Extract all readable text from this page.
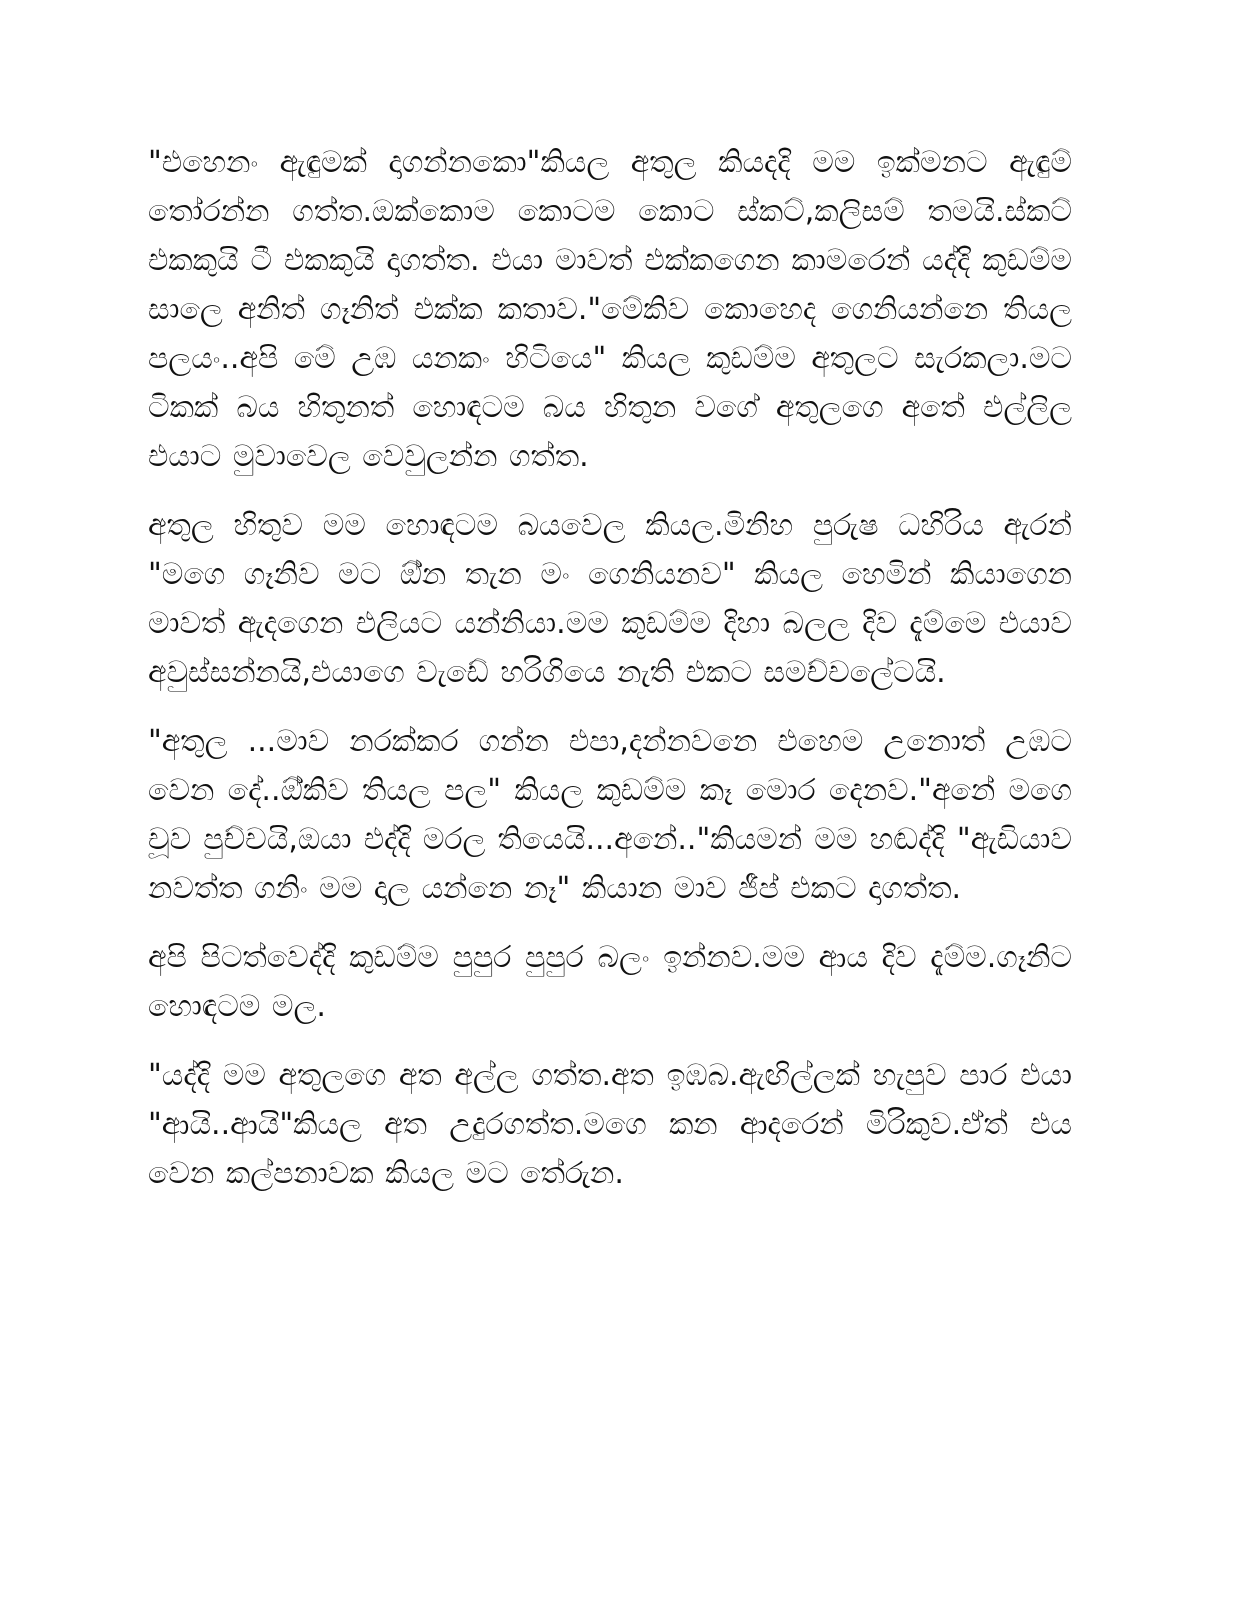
"එහෙනං ඇඳුමක් දාගන්නකො"කියල අතුල කියදදි මම ඉක්මනට ඇඳුම් තෝරන්න ගත්ත.ඔක්කොම කොටම කොට ස්කට්,කලිසම් තමයි.ස්කට් එකකුයි ටී එකකුයි දාගත්ත. එයා මාවත් එක්කගෙන කාමරෙන් යද්දි කුඩම්ම සාලෙ අනිත් ගෑනිත් එක්ක කතාව."මේකිව කොහෙද ගෙනියන්නෙ තියල පලයං..අපි මේ උඹ යනකං හිටියෙ" කියල කුඩම්ම අතුලට සැරකලා.මට ටිකක් බය හිතුනත් හොඳටම බය හිතුන වගේ අතුලගෙ අතේ එල්ලිල එයාට මුවාවෙල වෙවුලන්න ගත්ත.

අතුල හිතුව මම හොඳටම බයවෙල කියල.මිනිහ පුරුෂ ධහිරිය ඇරන් "මගෙ ගෑනිව මට ඕ්න තැන මං ගෙනියනව" කියල හෙමින් කියාගෙන මාවත් ඇදගෙන එලියට යන්නියා.මම කුඩම්ම දිහා බලල දිව දැම්මෙ එයාව අවුස්සන්නයි,එයාගෙ වැඩේ හරිගියෙ නැති එකට සමච්චලේටයි.

"අතුල ...මාව නරක්කර ගන්න එපා,දන්නවනෙ එහෙම උනොත් උඹට වෙන දේ..ඕ්කිව තියල පල" කියල කුඩම්ම කෑ මොර දෙනව."අනේ මගෙ චූව පුච්චයි,ඔයා එද්දි මරල තියෙයි...අනේ.."කියමන් මම හඬද්දි "ඇඩියාව නවත්ත ගනිං මම දාල යන්නෙ නෑ" කියාන මාව ජීප් එකට දාගත්ත.

අපි පිටත්වෙද්දි කුඩම්ම පුපුර පුපුර බලං ඉන්නව.මම ආය දිව දැම්ම.ගෑනිට හොඳටම මල.

"යද්දි මම අතුලගෙ අත අල්ල ගත්ත.අත ඉඹබ.ඇඟිල්ලක් හැපුව පාර එයා "ආයි..ආයි"කියල අත උදුරගත්ත.මගෙ කන ආදරෙන් මිරිකුව.ඒත් එය වෙන කල්පනාවක කියල මට තේරුන.
